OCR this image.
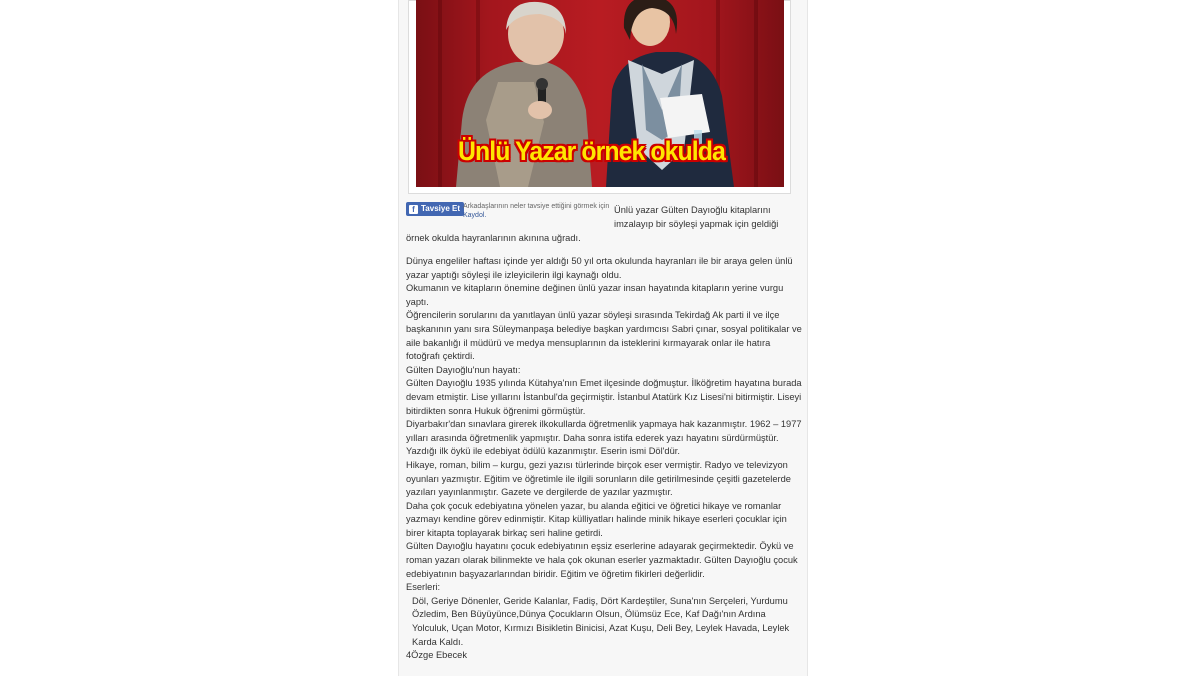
Ünlü Yazar örnek okulda
f Tavsiye Et Arkadaşlarının neler tavsiye ettiğini görmek için Kaydol.
Ünlü yazar Gülten Dayıoğlu kitaplarını imzalayıp bir söyleşi yapmak için geldiği
örnek okulda hayranlarının akınına uğradı.

Dünya engeliler haftası içinde yer aldığı 50 yıl orta okulunda hayranları ile bir araya gelen ünlü yazar yaptığı söyleşi ile izleyicilerin ilgi kaynağı oldu.

Okumanın ve kitapların önemine değinen ünlü yazar insan hayatında kitapların yerine vurgu yaptı.

Öğrencilerin sorularını da yanıtlayan ünlü yazar söyleşi sırasında Tekirdağ Ak parti il ve ilçe başkanının yanı sıra Süleymanpaşa belediye başkan yardımcısı Sabri çınar, sosyal politikalar ve aile bakanlığı il müdürü ve medya mensuplarının da isteklerini kırmayarak onlar ile hatıra fotoğrafı çektirdi.

Gülten Dayıoğlu'nun hayatı:

Gülten Dayıoğlu 1935 yılında Kütahya'nın Emet ilçesinde doğmuştur. İlköğretim hayatına burada devam etmiştir. Lise yıllarını İstanbul'da geçirmiştir. İstanbul Atatürk Kız Lisesi'ni bitirmiştir. Liseyi bitirdikten sonra Hukuk öğrenimi görmüştür.

Diyarbakır'dan sınavlara girerek ilkokullarda öğretmenlik yapmaya hak kazanmıştır. 1962 – 1977 yılları arasında öğretmenlik yapmıştır. Daha sonra istifa ederek yazı hayatını sürdürmüştür. Yazdığı ilk öykü ile edebiyat ödülü kazanmıştır. Eserin ismi Döl'dür.

Hikaye, roman, bilim – kurgu, gezi yazısı türlerinde birçok eser vermiştir. Radyo ve televizyon oyunları yazmıştır. Eğitim ve öğretimle ile ilgili sorunların dile getirilmesinde çeşitli gazetelerde yazıları yayınlanmıştır. Gazete ve dergilerde de yazılar yazmıştır.

Daha çok çocuk edebiyatına yönelen yazar, bu alanda eğitici ve öğretici hikaye ve romanlar yazmayı kendine görev edinmiştir. Kitap külliyatları halinde minik hikaye eserleri çocuklar için birer kitapta toplayarak birkaç seri haline getirdi.

Gülten Dayıoğlu hayatını çocuk edebiyatının eşsiz eserlerine adayarak geçirmektedir. Öykü ve roman yazarı olarak bilinmekte ve hala çok okunan eserler yazmaktadır. Gülten Dayıoğlu çocuk edebiyatının başyazarlarından biridir. Eğitim ve öğretim fikirleri değerlidir.

Eserleri:

Döl, Geriye Dönenler, Geride Kalanlar, Fadiş, Dört Kardeştiler, Suna'nın Serçeleri, Yurdumu Özledim, Ben Büyüyünce,Dünya Çocukların Olsun, Ölümsüz Ece, Kaf Dağı'nın Ardına Yolculuk, Uçan Motor, Kırmızı Bisikletin Binicisi, Azat Kuşu, Deli Bey, Leylek Havada, Leylek Karda Kaldı.

4Özge Ebecek
